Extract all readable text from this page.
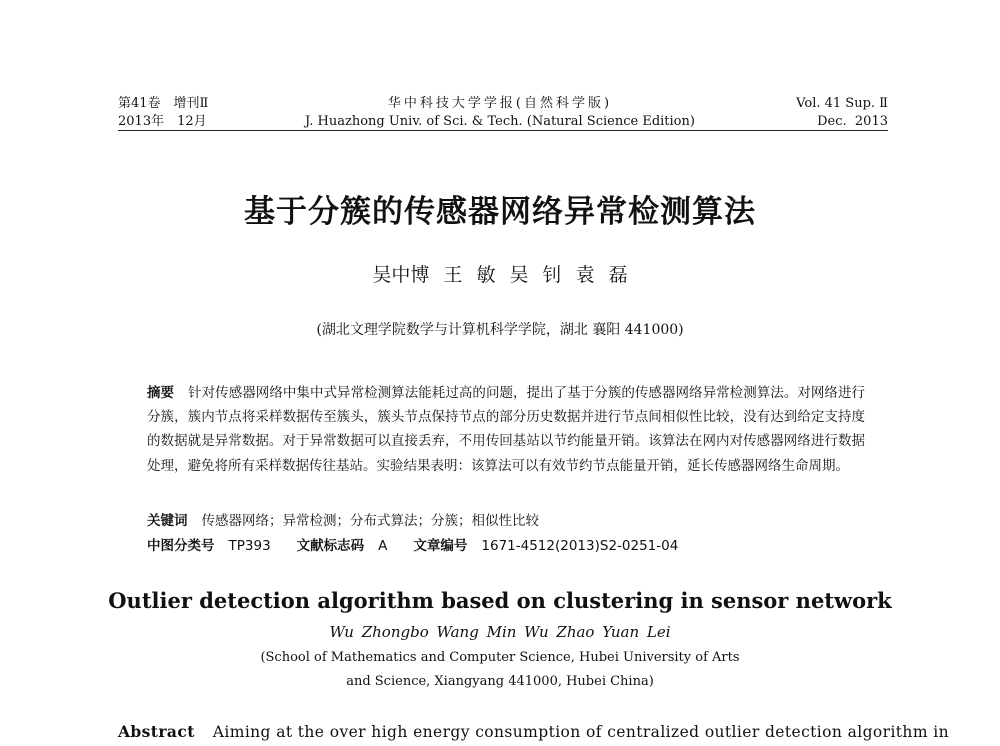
第41卷　增刊Ⅱ
2013年　12月
华中科技大学学报(自然科学版)
J. Huazhong Univ. of Sci. & Tech. (Natural Science Edition)
Vol. 41 Sup. Ⅱ
Dec.  2013
基于分簇的传感器网络异常检测算法
吴中博 王 敏 吴 钊 袁 磊
(湖北文理学院数学与计算机科学学院，湖北 襄阳 441000)
摘要 针对传感器网络中集中式异常检测算法能耗过高的问题，提出了基于分簇的传感器网络异常检测算法。对网络进行分簇，簇内节点将采样数据传至簇头，簇头节点保持节点的部分历史数据并进行节点间相似性比较，没有达到给定支持度的数据就是异常数据。对于异常数据可以直接丢弃，不用传回基站以节约能量开销。该算法在网内对传感器网络进行数据处理，避免将所有采样数据传往基站。实验结果表明：该算法可以有效节约节点能量开销，延长传感器网络生命周期。
关键词 传感器网络；异常检测；分布式算法；分簇；相似性比较
中图分类号 TP393 文献标志码 A 文章编号 1671-4512(2013)S2-0251-04
Outlier detection algorithm based on clustering in sensor network
Wu Zhongbo Wang Min Wu Zhao Yuan Lei
(School of Mathematics and Computer Science, Hubei University of Arts
and Science, Xiangyang 441000, Hubei China)
Abstract Aiming at the over high energy consumption of centralized outlier detection algorithm in
